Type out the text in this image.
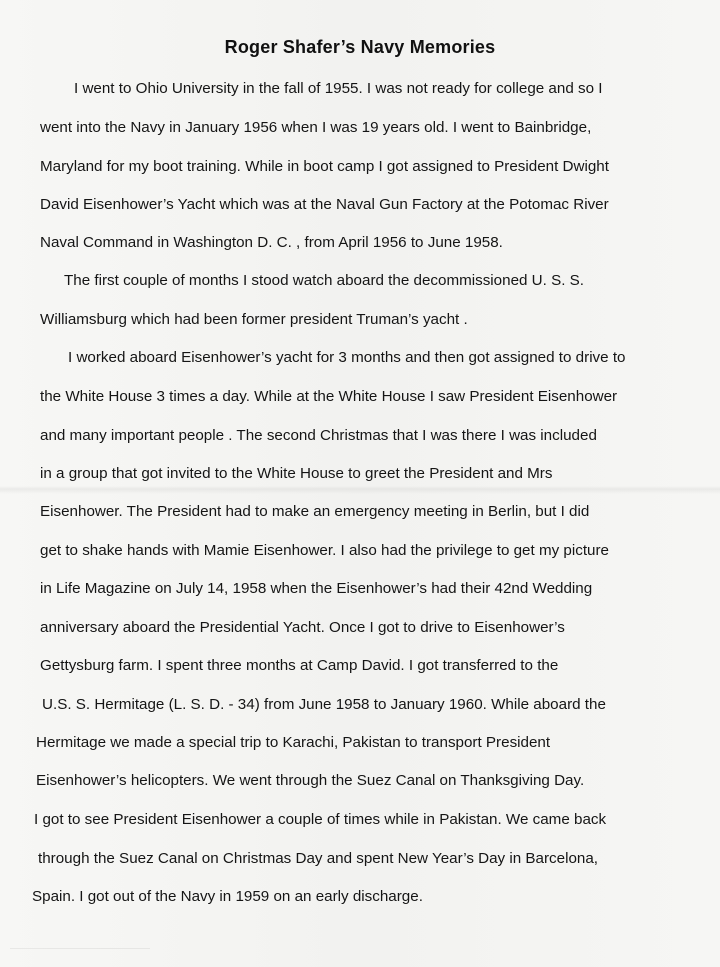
Roger Shafer’s Navy Memories

I went to Ohio University in the fall of 1955. I was not ready for college and so I

went into the Navy in January 1956 when I was 19 years old. I went to Bainbridge,

Maryland for my boot training. While in boot camp I got assigned to President Dwight

David Eisenhower’s Yacht which was at the Naval Gun Factory at the Potomac River

Naval Command in Washington D. C. , from April 1956 to June 1958.

The first couple of months I stood watch aboard the decommissioned U. S. S.

Williamsburg which had been former president Truman’s yacht .

I worked aboard Eisenhower’s yacht for 3 months and then got assigned to drive to

the White House 3 times a day. While at the White House I saw President Eisenhower

and many important people . The second Christmas that I was there I was included

in a group that got invited to the White House to greet the President and Mrs

Eisenhower. The President had to make an emergency meeting in Berlin, but I did

get to shake hands with Mamie Eisenhower. I also had the privilege to get my picture

in Life Magazine on July 14, 1958 when the Eisenhower’s had their 42nd Wedding

anniversary aboard the Presidential Yacht. Once I got to drive to Eisenhower’s

Gettysburg farm. I spent three months at Camp David. I got transferred to the

U.S. S. Hermitage (L. S. D. - 34) from June 1958 to January 1960. While aboard the

Hermitage we made a special trip to Karachi, Pakistan to transport President

Eisenhower’s helicopters. We went through the Suez Canal on Thanksgiving Day.

I got to see President Eisenhower a couple of times while in Pakistan. We came back

through the Suez Canal on Christmas Day and spent New Year’s Day in Barcelona,

Spain. I got out of the Navy in 1959 on an early discharge.
